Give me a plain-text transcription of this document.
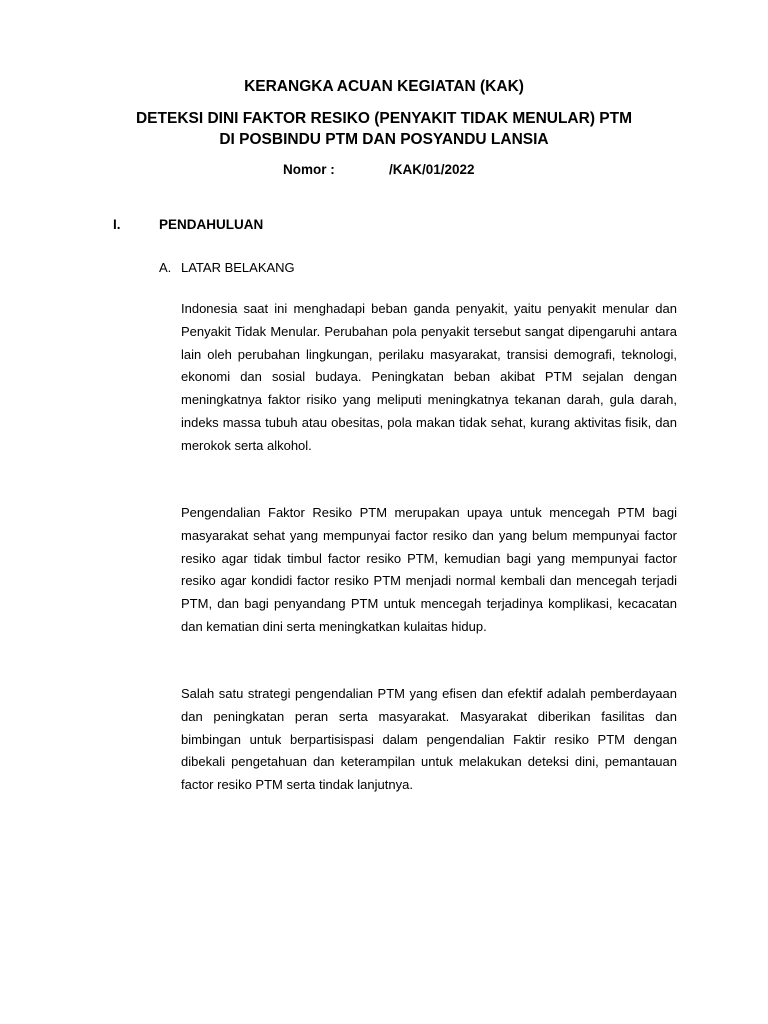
KERANGKA ACUAN KEGIATAN (KAK)
DETEKSI DINI FAKTOR RESIKO (PENYAKIT TIDAK MENULAR) PTM
DI POSBINDU PTM DAN POSYANDU LANSIA
Nomor :	/KAK/01/2022
I.	PENDAHULUAN
A. LATAR BELAKANG

Indonesia saat ini menghadapi beban ganda penyakit, yaitu penyakit menular dan Penyakit Tidak Menular. Perubahan pola penyakit tersebut sangat dipengaruhi antara lain oleh perubahan lingkungan, perilaku masyarakat, transisi demografi, teknologi, ekonomi dan sosial budaya. Peningkatan beban akibat PTM sejalan dengan meningkatnya faktor risiko yang meliputi meningkatnya tekanan darah, gula darah, indeks massa tubuh atau obesitas, pola makan tidak sehat, kurang aktivitas fisik, dan merokok serta alkohol.

Pengendalian Faktor Resiko PTM merupakan upaya untuk mencegah PTM bagi masyarakat sehat yang mempunyai factor resiko dan yang belum mempunyai factor resiko agar tidak timbul factor resiko PTM, kemudian bagi yang mempunyai factor resiko agar kondidi factor resiko PTM menjadi normal kembali dan mencegah terjadi PTM, dan bagi penyandang PTM untuk mencegah terjadinya komplikasi, kecacatan dan kematian dini serta meningkatkan kulaitas hidup.

Salah satu strategi pengendalian PTM yang efisen dan efektif adalah pemberdayaan dan peningkatan peran serta masyarakat. Masyarakat diberikan fasilitas dan bimbingan untuk berpartisispasi dalam pengendalian Faktir resiko PTM dengan dibekali pengetahuan dan keterampilan untuk melakukan deteksi dini, pemantauan factor resiko PTM serta tindak lanjutnya.
